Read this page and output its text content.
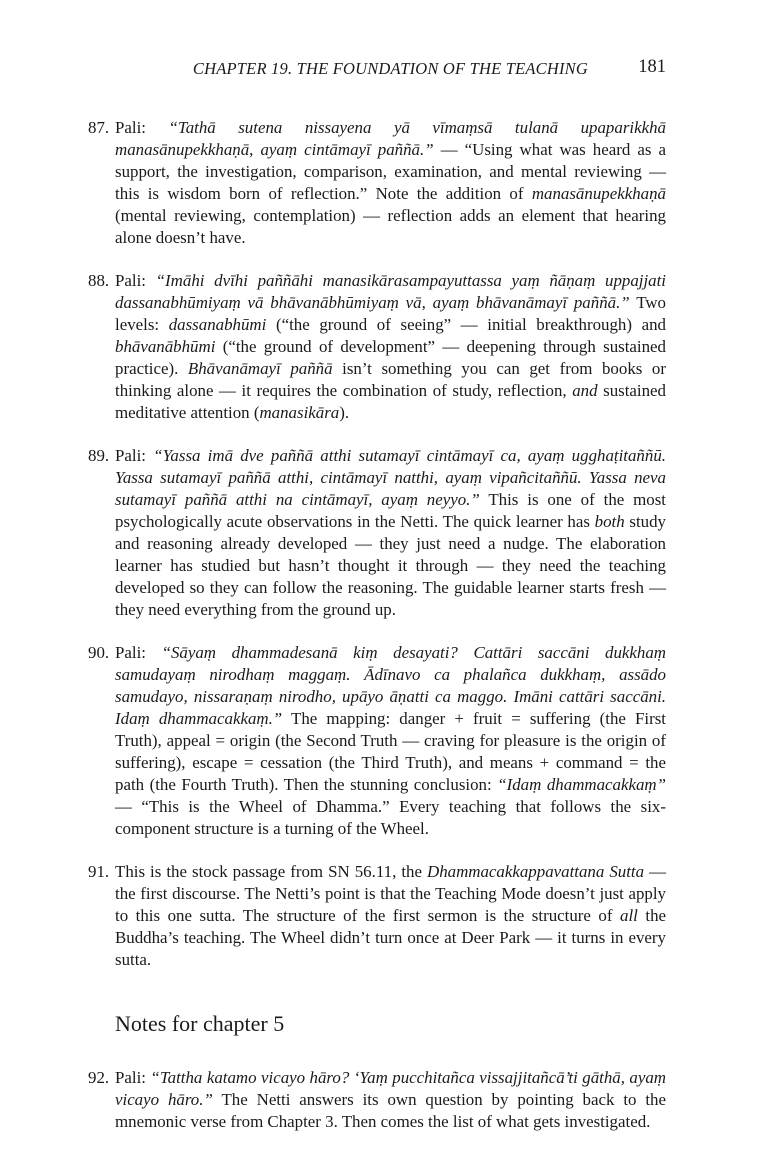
CHAPTER 19. THE FOUNDATION OF THE TEACHING	181
87. Pali: “Tathā sutena nissayena yā vīmaṃsā tulanā upaparikkhā manasānupekkhaṇā, ayaṃ cintāmayī paññā.” — “Using what was heard as a support, the investigation, comparison, examination, and mental reviewing — this is wisdom born of reflection.” Note the addition of manasānupekkhaṇā (mental reviewing, contemplation) — reflection adds an element that hearing alone doesn’t have.
88. Pali: “Imāhi dvīhi paññāhi manasikārasampayuttassa yaṃ ñāṇaṃ uppajjati dassanabhūmiyaṃ vā bhāvanābhūmiyaṃ vā, ayaṃ bhāvanāmayī paññā.” Two levels: dassanabhūmi (“the ground of seeing” — initial breakthrough) and bhāvanābhūmi (“the ground of development” — deepening through sustained practice). Bhāvanāmayī paññā isn’t something you can get from books or thinking alone — it requires the combination of study, reflection, and sustained meditative attention (manasikāra).
89. Pali: “Yassa imā dve paññā atthi sutamayī cintāmayī ca, ayaṃ ugghaṭitaññū. Yassa sutamayī paññā atthi, cintāmayī natthi, ayaṃ vipañcitaññū. Yassa neva sutamayī paññā atthi na cintāmayī, ayaṃ neyyo.” This is one of the most psychologically acute observations in the Netti. The quick learner has both study and reasoning already developed — they just need a nudge. The elaboration learner has studied but hasn’t thought it through — they need the teaching developed so they can follow the reasoning. The guidable learner starts fresh — they need everything from the ground up.
90. Pali: “Sāyaṃ dhammadesanā kiṃ desayati? Cattāri saccāni dukkhaṃ samudayaṃ nirodhaṃ maggaṃ. Ādīnavo ca phalañca dukkhaṃ, assādo samudayo, nissaraṇaṃ nirodho, upāyo āṇatti ca maggo. Imāni cattāri saccāni. Idaṃ dhammacakkaṃ.” The mapping: danger + fruit = suffering (the First Truth), appeal = origin (the Second Truth — craving for pleasure is the origin of suffering), escape = cessation (the Third Truth), and means + command = the path (the Fourth Truth). Then the stunning conclusion: “Idaṃ dhammacakkaṃ” — “This is the Wheel of Dhamma.” Every teaching that follows the six-component structure is a turning of the Wheel.
91. This is the stock passage from SN 56.11, the Dhammacakkappavattana Sutta — the first discourse. The Netti’s point is that the Teaching Mode doesn’t just apply to this one sutta. The structure of the first sermon is the structure of all the Buddha’s teaching. The Wheel didn’t turn once at Deer Park — it turns in every sutta.
Notes for chapter 5
92. Pali: “Tattha katamo vicayo hāro? ‘Yaṃ pucchitañca vissajjitañcā’ti gāthā, ayaṃ vicayo hāro.” The Netti answers its own question by pointing back to the mnemonic verse from Chapter 3. Then comes the list of what gets investigated.
